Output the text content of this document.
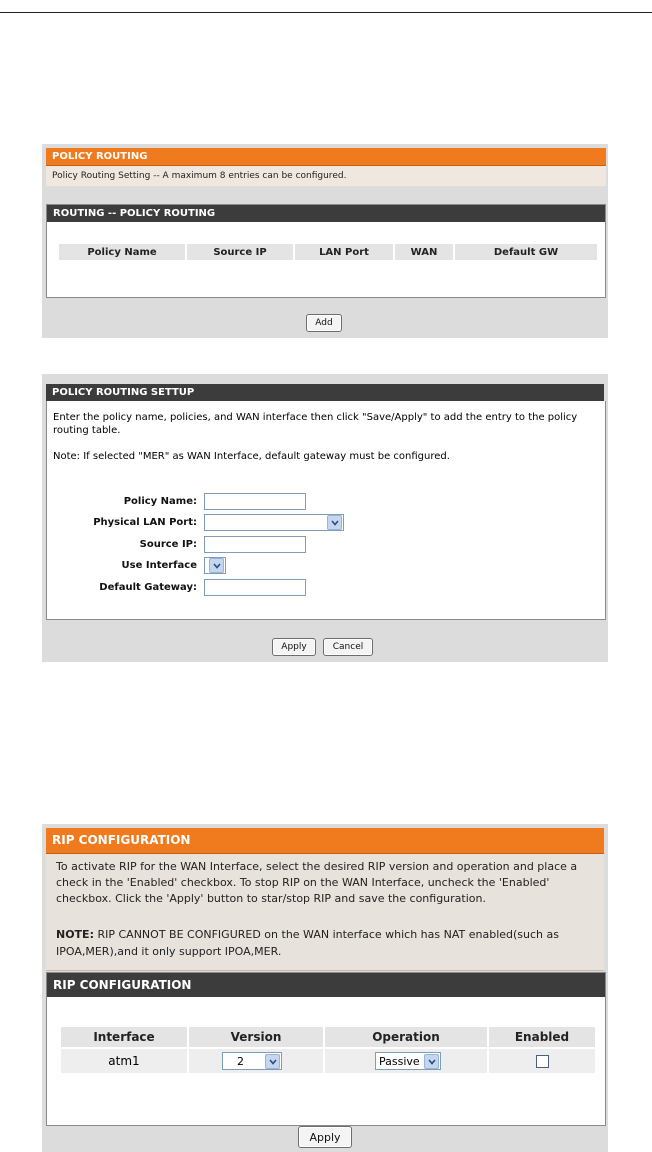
POLICY ROUTING
Policy Routing Setting -- A maximum 8 entries can be configured.
ROUTING -- POLICY ROUTING
Policy Name	Source IP	LAN Port	WAN	Default GW
Add
POLICY ROUTING SETTUP
Enter the policy name, policies, and WAN interface then click "Save/Apply" to add the entry to the policy routing table.
Note: If selected "MER" as WAN Interface, default gateway must be configured.
Policy Name:
Physical LAN Port:
Source IP:
Use Interface
Default Gateway:
Apply	Cancel
RIP CONFIGURATION
To activate RIP for the WAN Interface, select the desired RIP version and operation and place a check in the 'Enabled' checkbox. To stop RIP on the WAN Interface, uncheck the 'Enabled' checkbox. Click the 'Apply' button to star/stop RIP and save the configuration.
NOTE: RIP CANNOT BE CONFIGURED on the WAN interface which has NAT enabled(such as IPOA,MER),and it only support IPOA,MER.
RIP CONFIGURATION
Interface	Version	Operation	Enabled
atm1	2	Passive	

Apply
